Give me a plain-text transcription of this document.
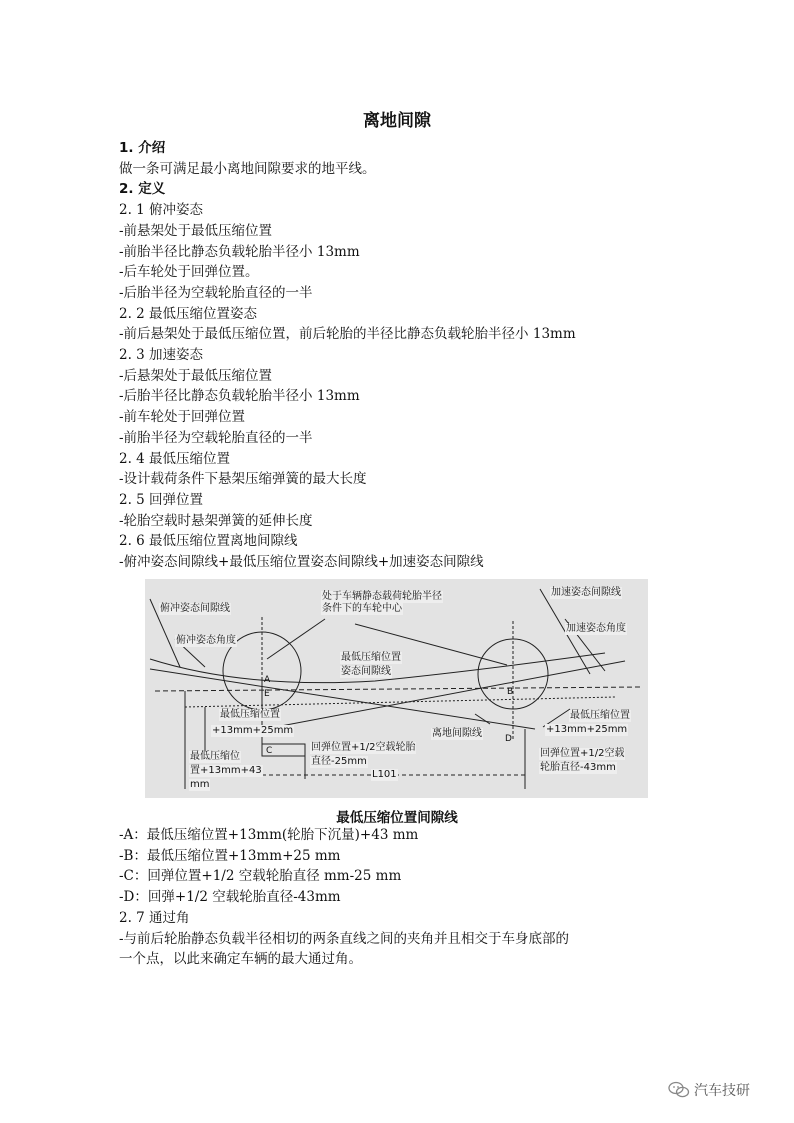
离地间隙
1. 介绍
做一条可满足最小离地间隙要求的地平线。
2. 定义
2. 1 俯冲姿态
-前悬架处于最低压缩位置
-前胎半径比静态负载轮胎半径小 13mm
-后车轮处于回弹位置。
-后胎半径为空载轮胎直径的一半
2. 2 最低压缩位置姿态
-前后悬架处于最低压缩位置，前后轮胎的半径比静态负载轮胎半径小 13mm
2. 3 加速姿态
-后悬架处于最低压缩位置
-后胎半径比静态负载轮胎半径小 13mm
-前车轮处于回弹位置
-前胎半径为空载轮胎直径的一半
2. 4 最低压缩位置
-设计载荷条件下悬架压缩弹簧的最大长度
2. 5 回弹位置
-轮胎空载时悬架弹簧的延伸长度
2. 6 最低压缩位置离地间隙线
-俯冲姿态间隙线+最低压缩位置姿态间隙线+加速姿态间隙线
俯冲姿态间隙线
俯冲姿态角度
处于车辆静态载荷轮胎半径
条件下的车轮中心
最低压缩位置
姿态间隙线
加速姿态间隙线
加速姿态角度
最低压缩位置
+13mm+25mm
最低压缩位
置+13mm+43
mm
回弹位置+1/2空载轮胎
直径-25mm
离地间隙线
L101
最低压缩位置
+13mm+25mm
回弹位置+1/2空载
轮胎直径-43mm
A
E
C
B
D
最低压缩位置间隙线
-A：最低压缩位置+13mm(轮胎下沉量)+43 mm
-B：最低压缩位置+13mm+25 mm
-C：回弹位置+1/2 空载轮胎直径 mm-25 mm
-D：回弹+1/2 空载轮胎直径-43mm
2. 7 通过角
-与前后轮胎静态负载半径相切的两条直线之间的夹角并且相交于车身底部的
一个点，以此来确定车辆的最大通过角。
汽车技研
